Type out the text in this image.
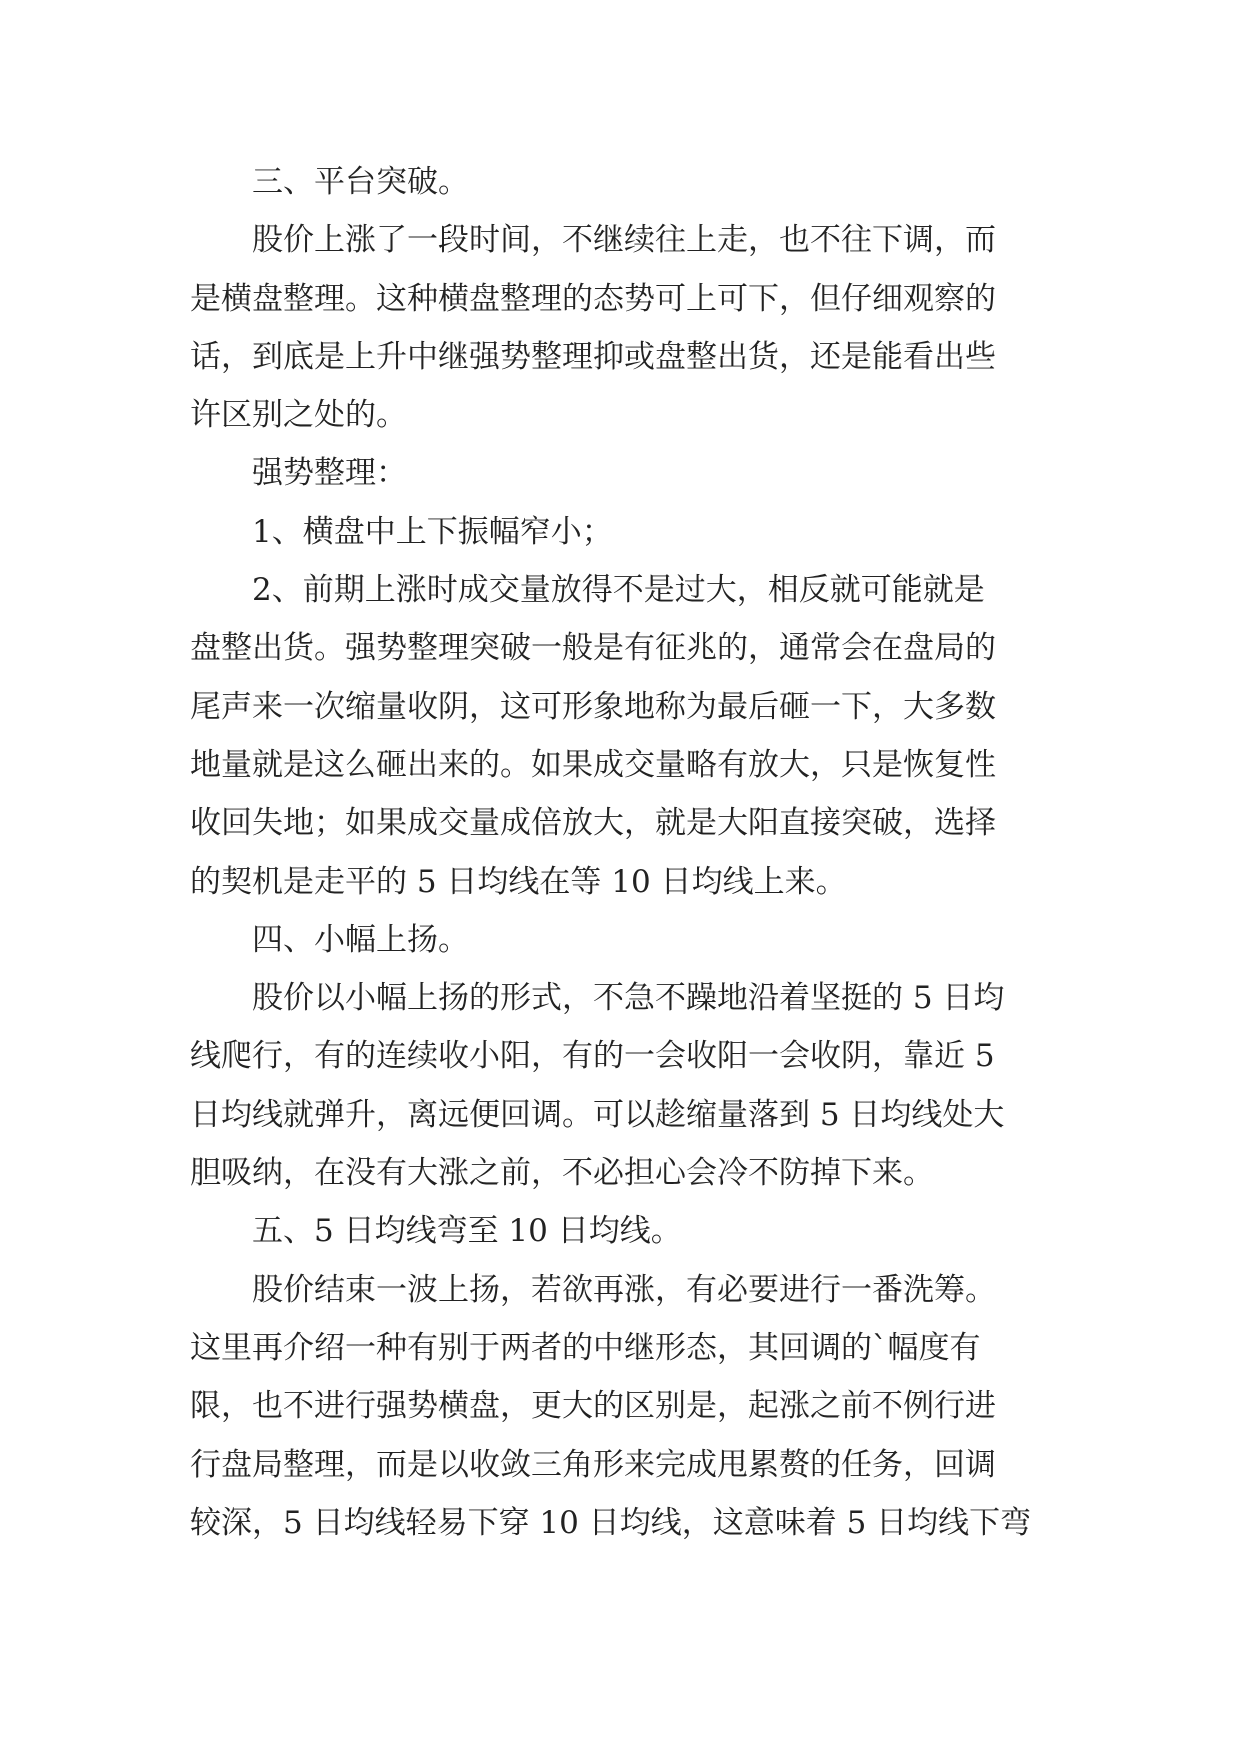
三、平台突破。
股价上涨了一段时间，不继续往上走，也不往下调，而
是横盘整理。这种横盘整理的态势可上可下，但仔细观察的
话，到底是上升中继强势整理抑或盘整出货，还是能看出些
许区别之处的。
强势整理：
1、横盘中上下振幅窄小；
2、前期上涨时成交量放得不是过大，相反就可能就是
盘整出货。强势整理突破一般是有征兆的，通常会在盘局的
尾声来一次缩量收阴，这可形象地称为最后砸一下，大多数
地量就是这么砸出来的。如果成交量略有放大，只是恢复性
收回失地；如果成交量成倍放大，就是大阳直接突破，选择
的契机是走平的 5 日均线在等 10 日均线上来。
四、小幅上扬。
股价以小幅上扬的形式，不急不躁地沿着坚挺的 5 日均
线爬行，有的连续收小阳，有的一会收阳一会收阴，靠近 5
日均线就弹升，离远便回调。可以趁缩量落到 5 日均线处大
胆吸纳，在没有大涨之前，不必担心会冷不防掉下来。
五、5 日均线弯至 10 日均线。
股价结束一波上扬，若欲再涨，有必要进行一番洗筹。
这里再介绍一种有别于两者的中继形态，其回调的`幅度有
限，也不进行强势横盘，更大的区别是，起涨之前不例行进
行盘局整理，而是以收敛三角形来完成甩累赘的任务，回调
较深，5 日均线轻易下穿 10 日均线，这意味着 5 日均线下弯
